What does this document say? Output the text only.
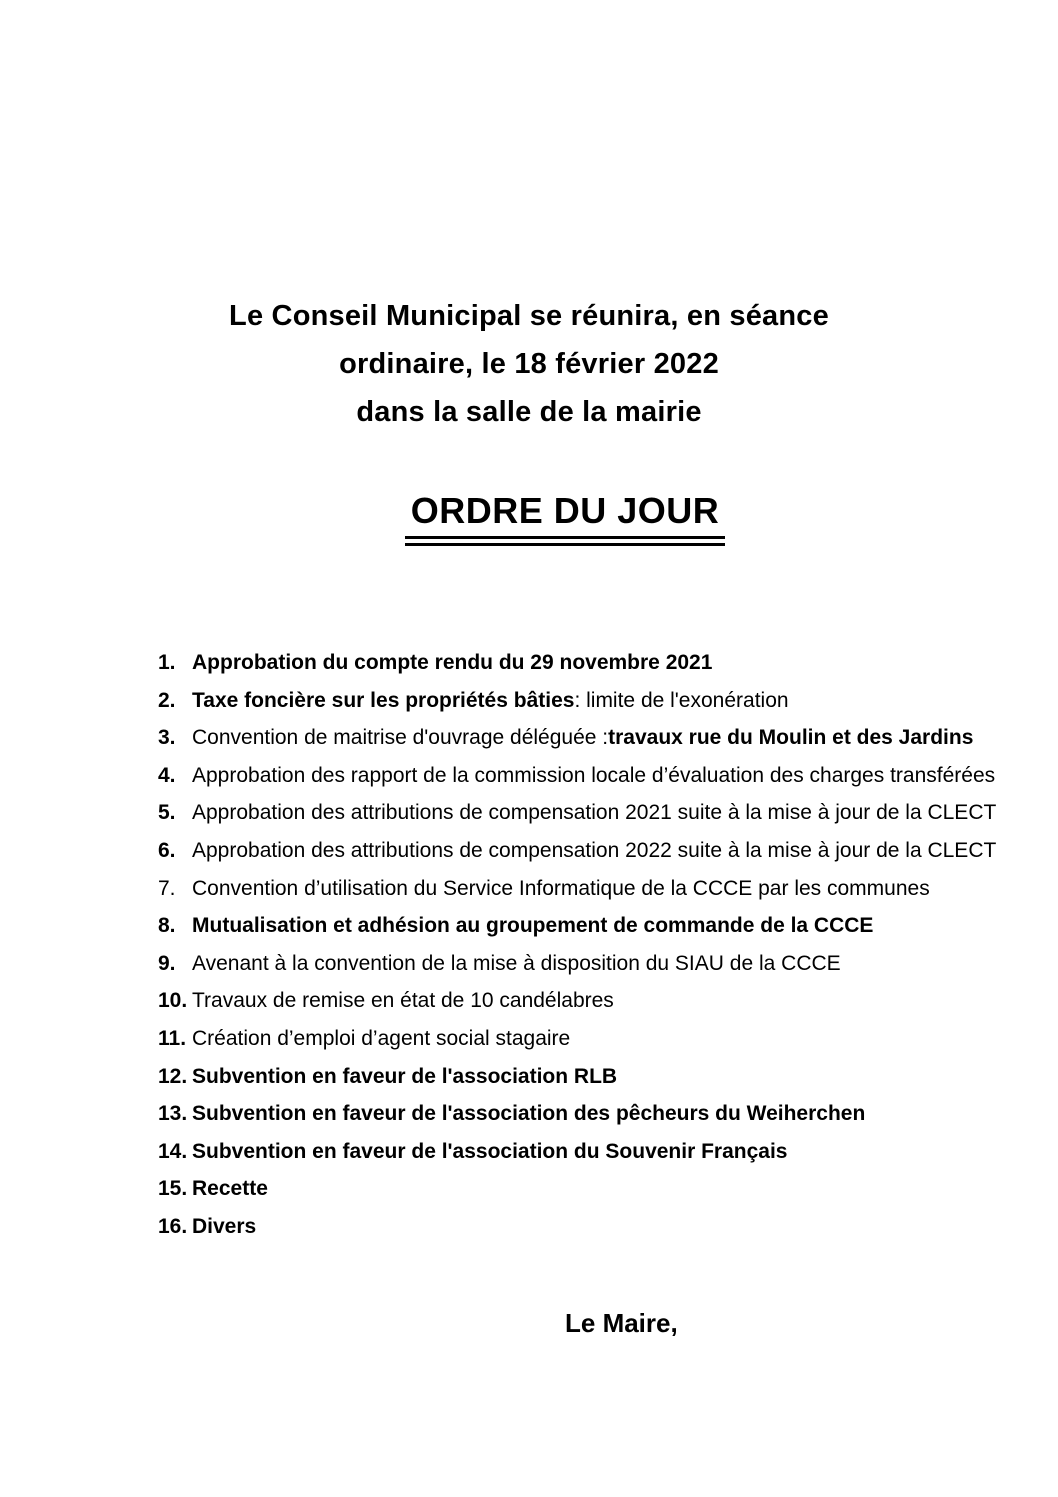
Le Conseil Municipal se réunira, en séance
ordinaire, le 18 février 2022
dans la salle de la mairie
ORDRE DU JOUR
1. Approbation du compte rendu du 29 novembre 2021
2. Taxe foncière sur les propriétés bâties : limite de l'exonération
3. Convention de maitrise d'ouvrage déléguée : travaux rue du Moulin et des Jardins
4. Approbation des rapport de la commission locale d’évaluation des charges transférées
5. Approbation des attributions de compensation 2021 suite à la mise à jour de la CLECT
6. Approbation des attributions de compensation 2022 suite à la mise à jour de la CLECT
7. Convention d’utilisation du Service Informatique de la CCCE par les communes
8. Mutualisation et adhésion au groupement de commande de la CCCE
9. Avenant à la convention de la mise à disposition du SIAU de la CCCE
10. Travaux de remise en état de 10 candélabres
11. Création d’emploi d’agent social stagaire
12. Subvention en faveur de l'association RLB
13. Subvention en faveur de l'association des pêcheurs du Weiherchen
14. Subvention en faveur de l'association du Souvenir Français
15. Recette
16. Divers
Le Maire,
